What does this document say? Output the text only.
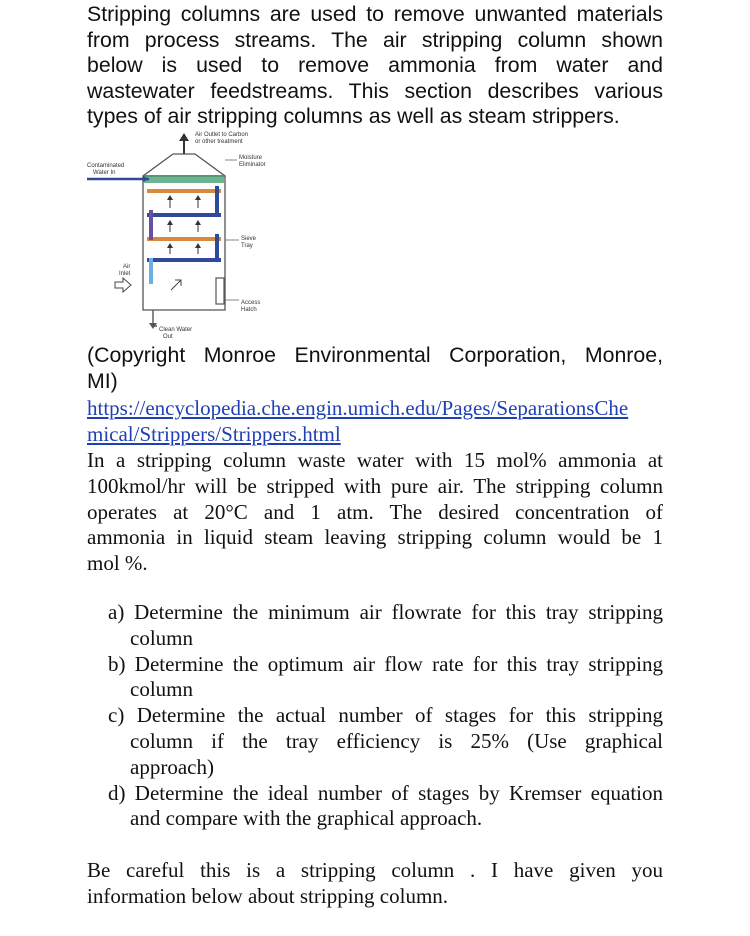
Stripping columns are used to remove unwanted materials
from process streams. The air stripping column shown
below is used to remove ammonia from water and
wastewater feedstreams. This section describes various
types of air stripping columns as well as steam strippers.
Air Outlet to Carbon
or other treatment
Moisture
Eliminator
Contaminated
Water In
Sieve
Tray
Air
Inlet
Access
Hatch
Clean Water
Out
(Copyright Monroe Environmental Corporation, Monroe,
MI)
https://encyclopedia.che.engin.umich.edu/Pages/SeparationsChe
mical/Strippers/Strippers.html
In a stripping column waste water with 15 mol% ammonia at
100kmol/hr will be stripped with pure air. The stripping column
operates at 20°C and 1 atm. The desired concentration of
ammonia in liquid steam leaving stripping column would be 1
mol %.
a) Determine the minimum air flowrate for this tray stripping
column
b) Determine the optimum air flow rate for this tray stripping
column
c) Determine the actual number of stages for this stripping
column if the tray efficiency is 25% (Use graphical
approach)
d) Determine the ideal number of stages by Kremser equation
and compare with the graphical approach.
Be careful this is a stripping column . I have given you
information below about stripping column.
